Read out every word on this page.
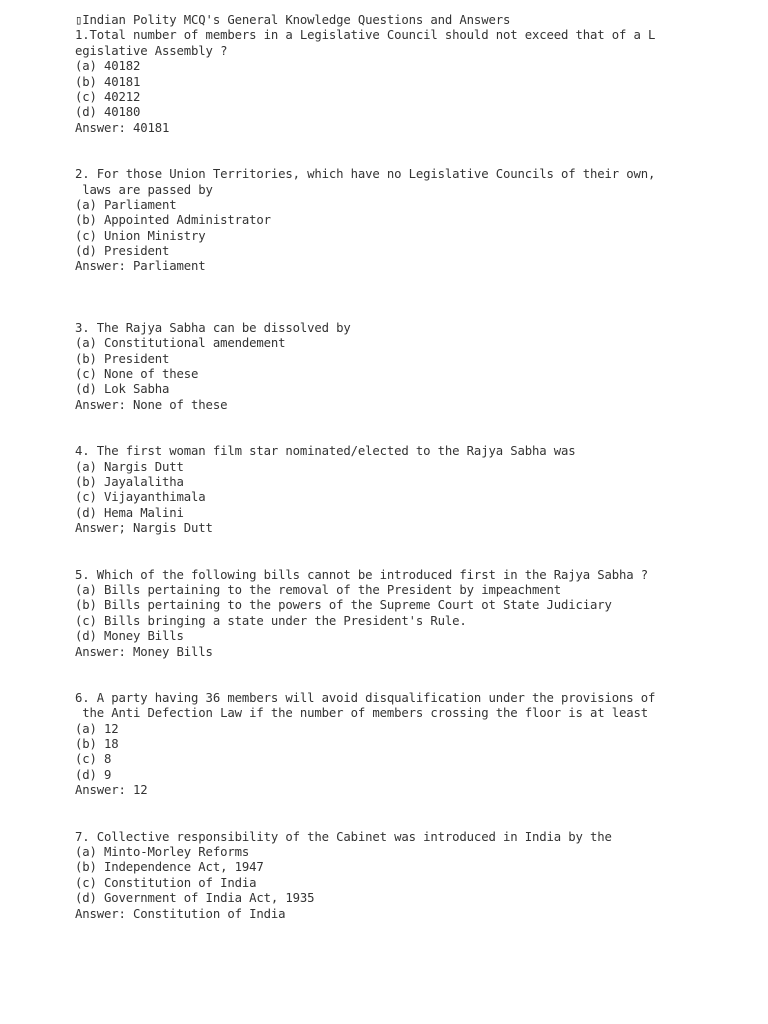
▯Indian Polity MCQ's General Knowledge Questions and Answers
1.Total number of members in a Legislative Council should not exceed that of a L
egislative Assembly ?
(a) 40182
(b) 40181
(c) 40212
(d) 40180
Answer: 40181
2. For those Union Territories, which have no Legislative Councils of their own,
laws are passed by
(a) Parliament
(b) Appointed Administrator
(c) Union Ministry
(d) President
Answer: Parliament
3. The Rajya Sabha can be dissolved by
(a) Constitutional amendement
(b) President
(c) None of these
(d) Lok Sabha
Answer: None of these
4. The first woman film star nominated/elected to the Rajya Sabha was
(a) Nargis Dutt
(b) Jayalalitha
(c) Vijayanthimala
(d) Hema Malini
Answer; Nargis Dutt
5. Which of the following bills cannot be introduced first in the Rajya Sabha ?
(a) Bills pertaining to the removal of the President by impeachment
(b) Bills pertaining to the powers of the Supreme Court ot State Judiciary
(c) Bills bringing a state under the President's Rule.
(d) Money Bills
Answer: Money Bills
6. A party having 36 members will avoid disqualification under the provisions of
the Anti Defection Law if the number of members crossing the floor is at least
(a) 12
(b) 18
(c) 8
(d) 9
Answer: 12
7. Collective responsibility of the Cabinet was introduced in India by the
(a) Minto-Morley Reforms
(b) Independence Act, 1947
(c) Constitution of India
(d) Government of India Act, 1935
Answer: Constitution of India
